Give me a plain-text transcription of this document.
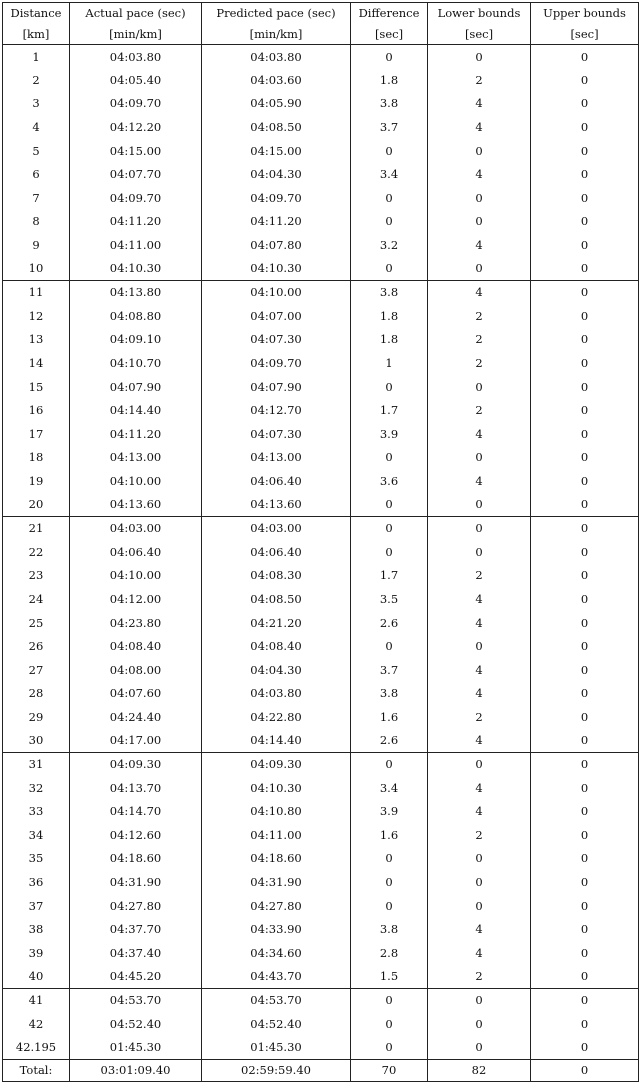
Distance	Actual pace (sec)	Predicted pace (sec)	Difference	Lower bounds	Upper bounds
[km]	[min/km]	[min/km]	[sec]	[sec]	[sec]
1	04:03.80	04:03.80	0	0	0
2	04:05.40	04:03.60	1.8	2	0
3	04:09.70	04:05.90	3.8	4	0
4	04:12.20	04:08.50	3.7	4	0
5	04:15.00	04:15.00	0	0	0
6	04:07.70	04:04.30	3.4	4	0
7	04:09.70	04:09.70	0	0	0
8	04:11.20	04:11.20	0	0	0
9	04:11.00	04:07.80	3.2	4	0
10	04:10.30	04:10.30	0	0	0
11	04:13.80	04:10.00	3.8	4	0
12	04:08.80	04:07.00	1.8	2	0
13	04:09.10	04:07.30	1.8	2	0
14	04:10.70	04:09.70	1	2	0
15	04:07.90	04:07.90	0	0	0
16	04:14.40	04:12.70	1.7	2	0
17	04:11.20	04:07.30	3.9	4	0
18	04:13.00	04:13.00	0	0	0
19	04:10.00	04:06.40	3.6	4	0
20	04:13.60	04:13.60	0	0	0
21	04:03.00	04:03.00	0	0	0
22	04:06.40	04:06.40	0	0	0
23	04:10.00	04:08.30	1.7	2	0
24	04:12.00	04:08.50	3.5	4	0
25	04:23.80	04:21.20	2.6	4	0
26	04:08.40	04:08.40	0	0	0
27	04:08.00	04:04.30	3.7	4	0
28	04:07.60	04:03.80	3.8	4	0
29	04:24.40	04:22.80	1.6	2	0
30	04:17.00	04:14.40	2.6	4	0
31	04:09.30	04:09.30	0	0	0
32	04:13.70	04:10.30	3.4	4	0
33	04:14.70	04:10.80	3.9	4	0
34	04:12.60	04:11.00	1.6	2	0
35	04:18.60	04:18.60	0	0	0
36	04:31.90	04:31.90	0	0	0
37	04:27.80	04:27.80	0	0	0
38	04:37.70	04:33.90	3.8	4	0
39	04:37.40	04:34.60	2.8	4	0
40	04:45.20	04:43.70	1.5	2	0
41	04:53.70	04:53.70	0	0	0
42	04:52.40	04:52.40	0	0	0
42.195	01:45.30	01:45.30	0	0	0
Total:	03:01:09.40	02:59:59.40	70	82	0
